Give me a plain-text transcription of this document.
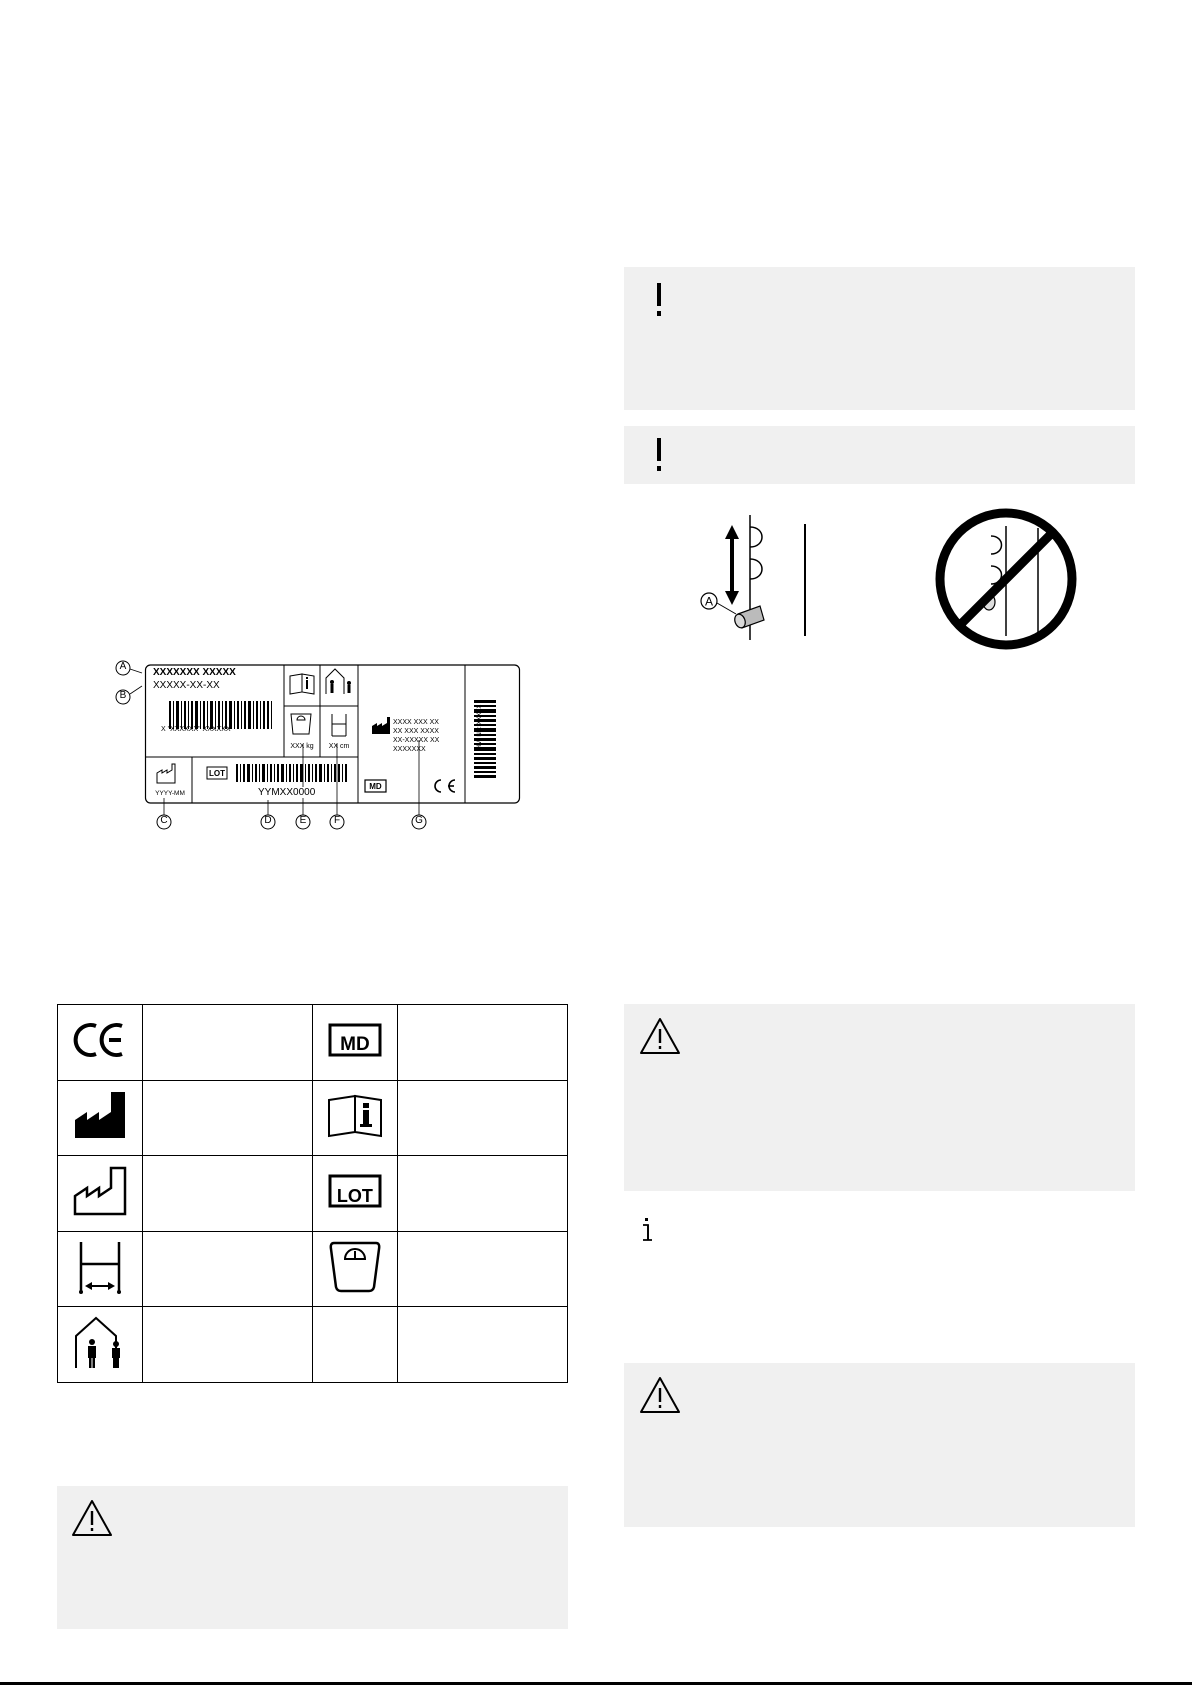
A
LOT
MD
XXXXXXX XXXXX
XXXXX-XX-XX
X "XXXXXX" XXXXXX
XXX kg	XX cm
XXXX XXX XX
XX XXX XXXX
XX-XXXXX XX
XXXXXXX
YYYY-MM	YYMXX0000
HMI NR: XXXXX
A
B
C	D	E	F	G

MD	

LOT	
